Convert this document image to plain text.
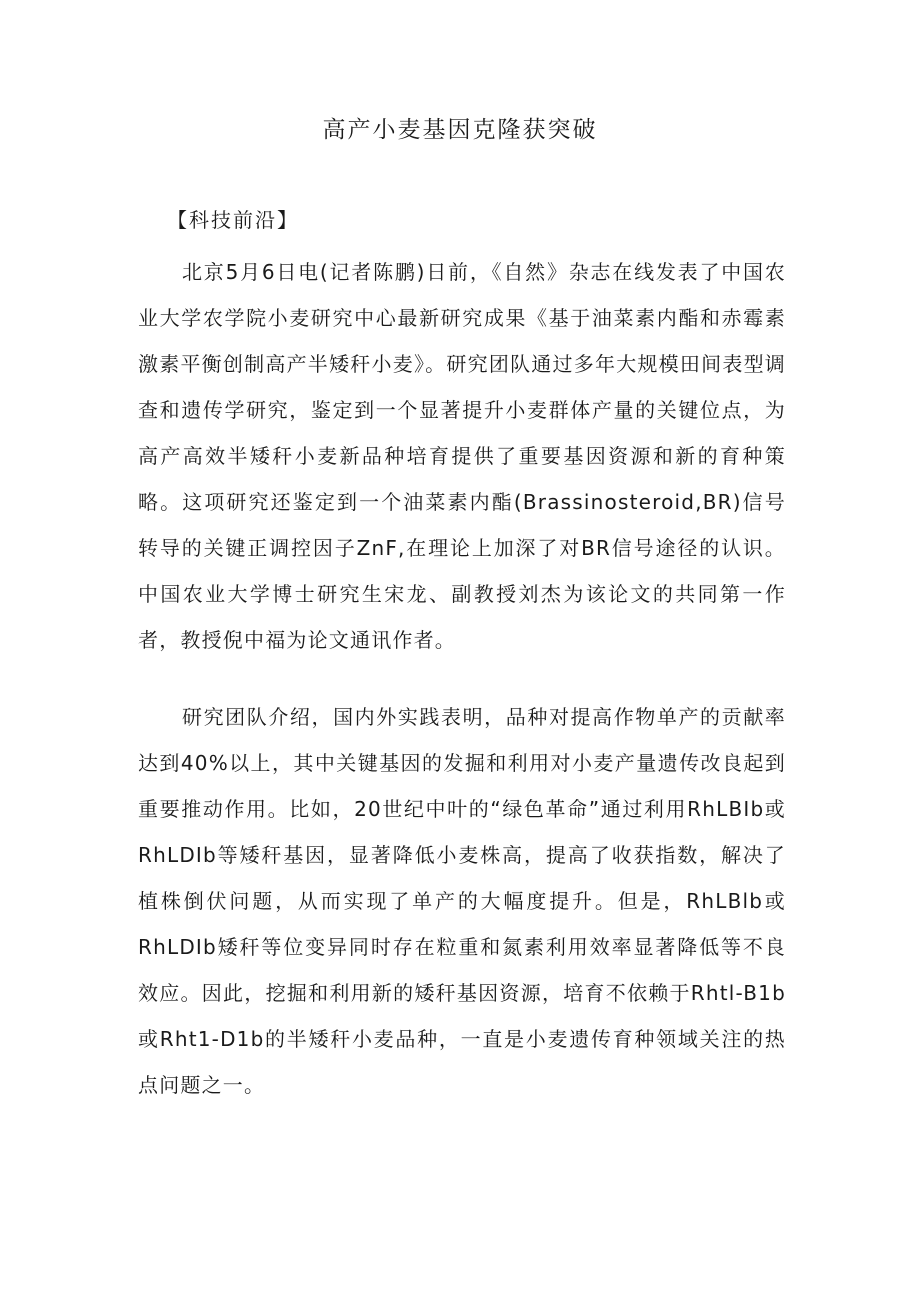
高产小麦基因克隆获突破
【科技前沿】

北京5月6日电(记者陈鹏)日前，《自然》杂志在线发表了中国农业大学农学院小麦研究中心最新研究成果《基于油菜素内酯和赤霉素激素平衡创制高产半矮秆小麦》。研究团队通过多年大规模田间表型调查和遗传学研究，鉴定到一个显著提升小麦群体产量的关键位点，为高产高效半矮秆小麦新品种培育提供了重要基因资源和新的育种策略。这项研究还鉴定到一个油菜素内酯(Brassinosteroid,BR)信号转导的关键正调控因子ZnF,在理论上加深了对BR信号途径的认识。中国农业大学博士研究生宋龙、副教授刘杰为该论文的共同第一作者，教授倪中福为论文通讯作者。

研究团队介绍，国内外实践表明，品种对提高作物单产的贡献率达到40%以上，其中关键基因的发掘和利用对小麦产量遗传改良起到重要推动作用。比如，20世纪中叶的“绿色革命”通过利用RhLBIb或RhLDIb等矮秆基因，显著降低小麦株高，提高了收获指数，解决了植株倒伏问题，从而实现了单产的大幅度提升。但是，RhLBlb或RhLDIb矮秆等位变异同时存在粒重和氮素利用效率显著降低等不良效应。因此，挖掘和利用新的矮秆基因资源，培育不依赖于Rhtl-B1b或Rht1-D1b的半矮秆小麦品种，一直是小麦遗传育种领域关注的热点问题之一。
